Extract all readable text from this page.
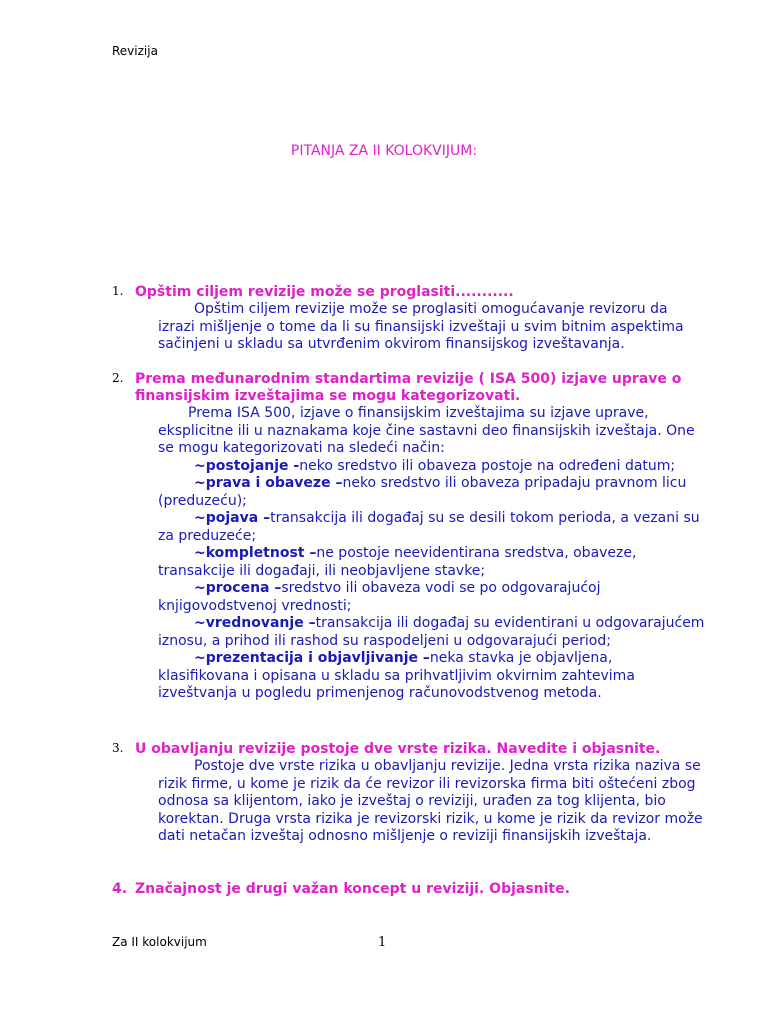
Revizija
PITANJA ZA II KOLOKVIJUM:
1. Opštim ciljem revizije može se proglasiti...........
Opštim ciljem revizije može se proglasiti omogućavanje revizoru da izrazi mišljenje o tome da li su finansijski izveštaji u svim bitnim aspektima sačinjeni u skladu sa utvrđenim okvirom finansijskog izveštavanja.
2. Prema međunarodnim standartima revizije ( ISA 500) izjave uprave o finansijskim izveštajima se mogu kategorizovati.
Prema ISA 500, izjave o finansijskim izveštajima su izjave uprave, eksplicitne ili u naznakama koje čine sastavni deo finansijskih izveštaja. One se mogu kategorizovati na sledeći način:

~postojanje -neko sredstvo ili obaveza postoje na određeni datum;

~prava i obaveze –neko sredstvo ili obaveza pripadaju pravnom licu (preduzeću);

~pojava –transakcija ili događaj su se desili tokom perioda, a vezani su za preduzeće;

~kompletnost –ne postoje neevidentirana sredstva, obaveze, transakcije ili događaji, ili neobjavljene stavke;

~procena –sredstvo ili obaveza vodi se po odgovarajućoj knjigovodstvenoj vrednosti;

~vrednovanje –transakcija ili događaj su evidentirani u odgovarajućem iznosu, a prihod ili rashod su raspodeljeni u odgovarajući period;

~prezentacija i objavljivanje –neka stavka je objavljena, klasifikovana i opisana u skladu sa prihvatljivim okvirnim zahtevima izveštvanja u pogledu primenjenog računovodstvenog metoda.

3. U obavljanju revizije postoje dve vrste rizika. Navedite i objasnite.
Postoje dve vrste rizika u obavljanju revizije. Jedna vrsta rizika naziva se rizik firme, u kome je rizik da će revizor ili revizorska firma biti oštećeni zbog odnosa sa klijentom, iako je izveštaj o reviziji, urađen za tog klijenta, bio korektan. Druga vrsta rizika je revizorski rizik, u kome je rizik da revizor može dati netačan izveštaj odnosno mišljenje o reviziji finansijskih izveštaja.
4. Značajnost je drugi važan koncept u reviziji. Objasnite.
Za II kolokvijum	1
